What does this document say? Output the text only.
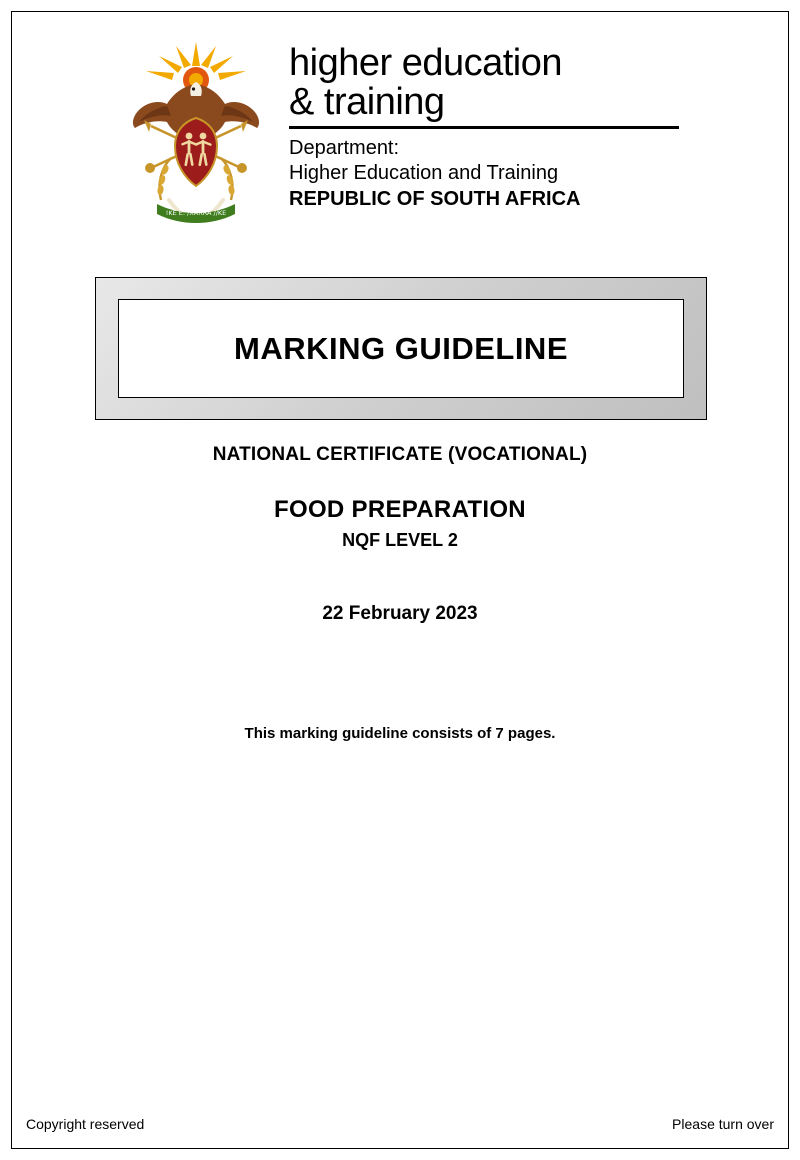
!KE E: /XARRA //KE
higher education
& training
Department:
Higher Education and Training
REPUBLIC OF SOUTH AFRICA
MARKING GUIDELINE
NATIONAL CERTIFICATE (VOCATIONAL)
FOOD PREPARATION
NQF LEVEL 2
22 February 2023
This marking guideline consists of 7 pages.
Copyright reserved	Please turn over
